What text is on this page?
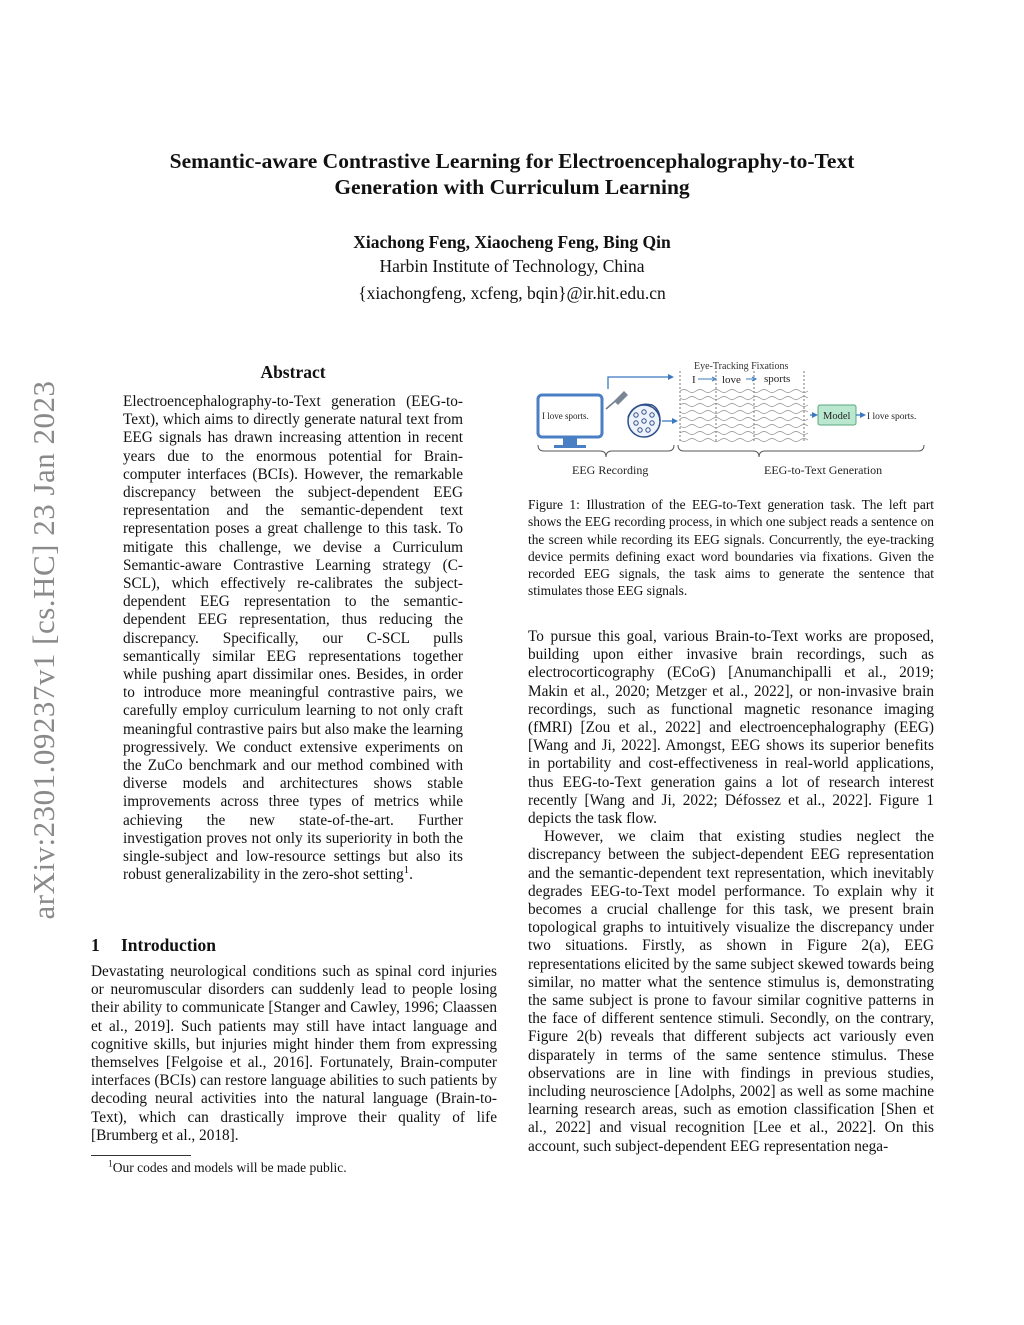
arXiv:2301.09237v1 [cs.HC] 23 Jan 2023
Semantic-aware Contrastive Learning for Electroencephalography-to-Text
Generation with Curriculum Learning
Xiachong Feng, Xiaocheng Feng, Bing Qin
Harbin Institute of Technology, China
{xiachongfeng, xcfeng, bqin}@ir.hit.edu.cn
Abstract
Electroencephalography-to-Text generation (EEG-to-Text), which aims to directly generate natural text from EEG signals has drawn increasing attention in recent years due to the enormous potential for Brain-computer interfaces (BCIs). However, the remarkable discrepancy between the subject-dependent EEG representation and the semantic-dependent text representation poses a great challenge to this task. To mitigate this challenge, we devise a Curriculum Semantic-aware Contrastive Learning strategy (C-SCL), which effectively re-calibrates the subject-dependent EEG representation to the semantic-dependent EEG representation, thus reducing the discrepancy. Specifically, our C-SCL pulls semantically similar EEG representations together while pushing apart dissimilar ones. Besides, in order to introduce more meaningful contrastive pairs, we carefully employ curriculum learning to not only craft meaningful contrastive pairs but also make the learning progressively. We conduct extensive experiments on the ZuCo benchmark and our method combined with diverse models and architectures shows stable improvements across three types of metrics while achieving the new state-of-the-art. Further investigation proves not only its superiority in both the single-subject and low-resource settings but also its robust generalizability in the zero-shot setting$^1$.
1 Introduction
Devastating neurological conditions such as spinal cord injuries or neuromuscular disorders can suddenly lead to people losing their ability to communicate [Stanger and Cawley, 1996; Claassen et al., 2019]. Such patients may still have intact language and cognitive skills, but injuries might hinder them from expressing themselves [Felgoise et al., 2016]. Fortunately, Brain-computer interfaces (BCIs) can restore language abilities to such patients by decoding neural activities into the natural language (Brain-to-Text), which can drastically improve their quality of life [Brumberg et al., 2018].
$^1$Our codes and models will be made public.
I love sports.
Eye-Tracking Fixations
I love sports
Model I love sports.
EEG Recording	EEG-to-Text Generation
Figure 1: Illustration of the EEG-to-Text generation task. The left part shows the EEG recording process, in which one subject reads a sentence on the screen while recording its EEG signals. Concurrently, the eye-tracking device permits defining exact word boundaries via fixations. Given the recorded EEG signals, the task aims to generate the sentence that stimulates those EEG signals.

To pursue this goal, various Brain-to-Text works are proposed, building upon either invasive brain recordings, such as electrocorticography (ECoG) [Anumanchipalli et al., 2019; Makin et al., 2020; Metzger et al., 2022], or non-invasive brain recordings, such as functional magnetic resonance imaging (fMRI) [Zou et al., 2022] and electroencephalography (EEG) [Wang and Ji, 2022]. Amongst, EEG shows its superior benefits in portability and cost-effectiveness in real-world applications, thus EEG-to-Text generation gains a lot of research interest recently [Wang and Ji, 2022; Défossez et al., 2022]. Figure 1 depicts the task flow.

However, we claim that existing studies neglect the discrepancy between the subject-dependent EEG representation and the semantic-dependent text representation, which inevitably degrades EEG-to-Text model performance. To explain why it becomes a crucial challenge for this task, we present brain topological graphs to intuitively visualize the discrepancy under two situations. Firstly, as shown in Figure 2(a), EEG representations elicited by the same subject skewed towards being similar, no matter what the sentence stimulus is, demonstrating the same subject is prone to favour similar cognitive patterns in the face of different sentence stimuli. Secondly, on the contrary, Figure 2(b) reveals that different subjects act variously even disparately in terms of the same sentence stimulus. These observations are in line with findings in previous studies, including neuroscience [Adolphs, 2002] as well as some machine learning research areas, such as emotion classification [Shen et al., 2022] and visual recognition [Lee et al., 2022]. On this account, such subject-dependent EEG representation nega-
